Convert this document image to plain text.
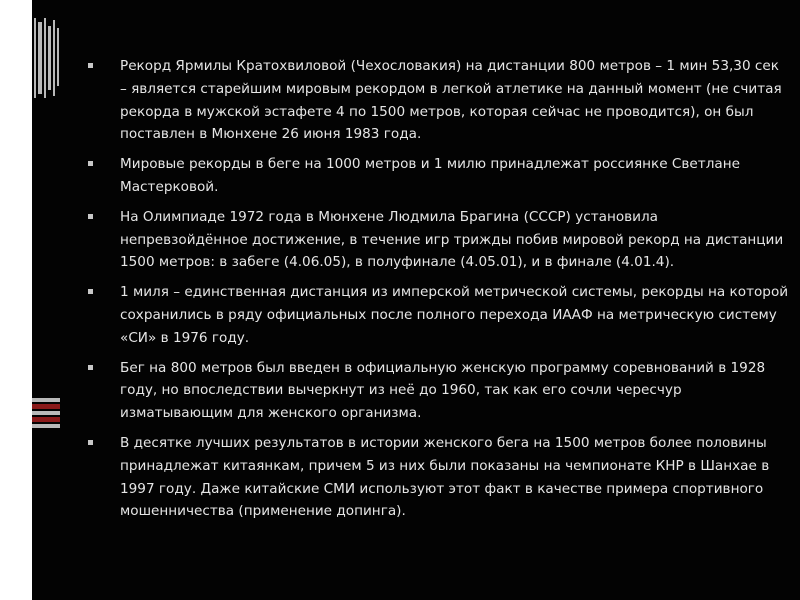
Рекорд Ярмилы Кратохвиловой (Чехословакия) на дистанции 800 метров – 1 мин 53,30 сек – является старейшим мировым рекордом в легкой атлетике на данный момент (не считая рекорда в мужской эстафете 4 по 1500 метров, которая сейчас не проводится), он был поставлен в Мюнхене 26 июня 1983 года.
Мировые рекорды в беге на 1000 метров и 1 милю принадлежат россиянке Светлане Мастерковой.
На Олимпиаде 1972 года в Мюнхене Людмила Брагина (СССР) установила непревзойдённое достижение, в течение игр трижды побив мировой рекорд на дистанции 1500 метров: в забеге (4.06.05), в полуфинале (4.05.01), и в финале (4.01.4).
1 миля – единственная дистанция из имперской метрической системы, рекорды на которой сохранились в ряду официальных после полного перехода ИААФ на метрическую систему «СИ» в 1976 году.
Бег на 800 метров был введен в официальную женскую программу соревнований в 1928 году, но впоследствии вычеркнут из неё до 1960, так как его сочли чересчур изматывающим для женского организма.
В десятке лучших результатов в истории женского бега на 1500 метров более половины принадлежат китаянкам, причем 5 из них были показаны на чемпионате КНР в Шанхае в 1997 году. Даже китайские СМИ используют этот факт в качестве примера спортивного мошенничества (применение допинга).
